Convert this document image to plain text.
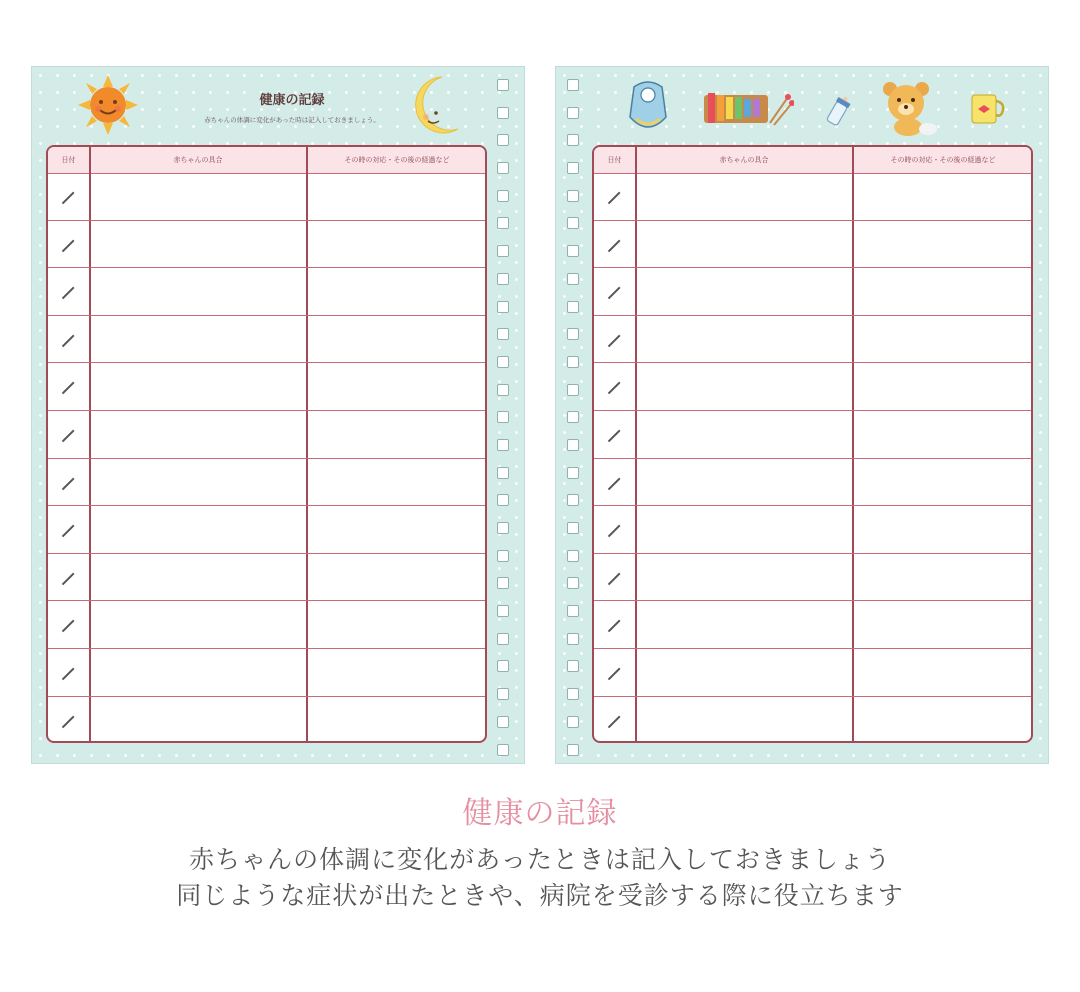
健康の記録
赤ちゃんの体調に変化があった時は記入しておきましょう。
日付	赤ちゃんの具合	その時の対応・その後の経過など	日付	赤ちゃんの具合	その時の対応・その後の経過など
健康の記録
赤ちゃんの体調に変化があったときは記入しておきましょう
同じような症状が出たときや、病院を受診する際に役立ちます
